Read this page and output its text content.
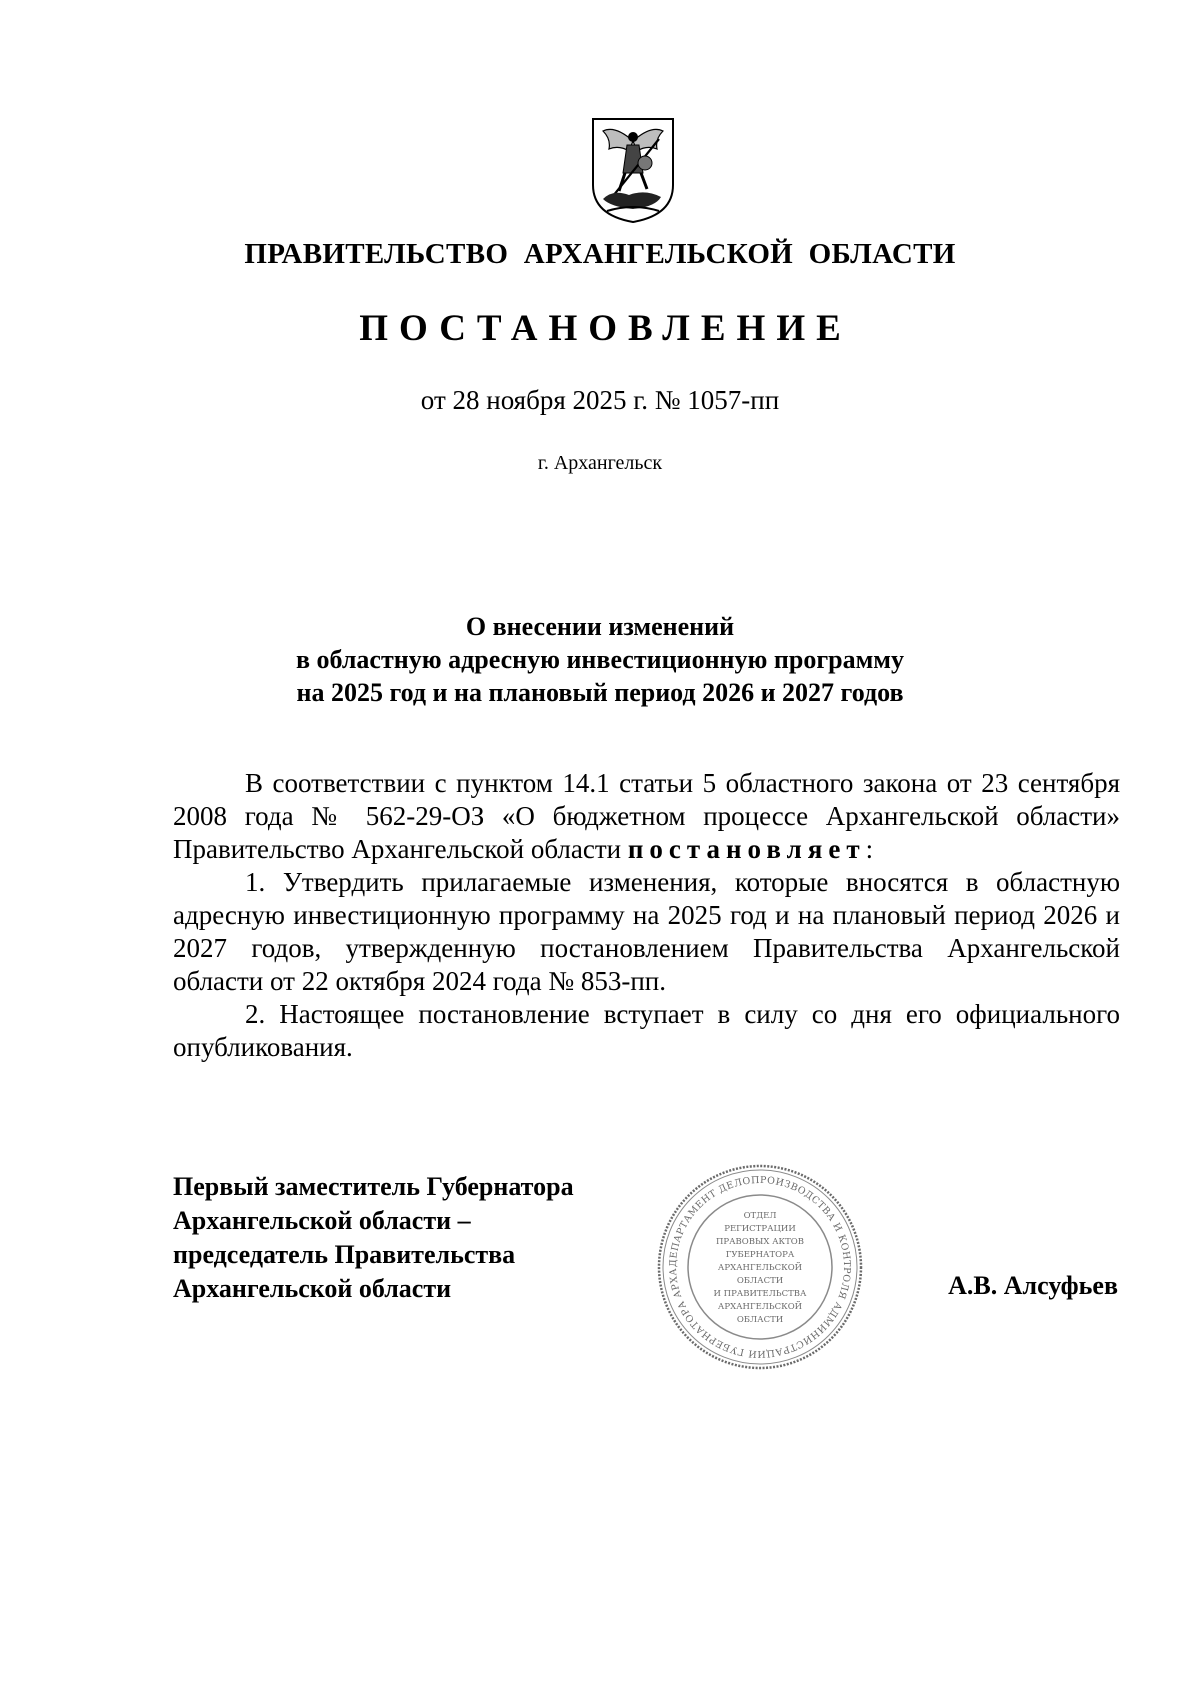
ПРАВИТЕЛЬСТВО АРХАНГЕЛЬСКОЙ ОБЛАСТИ
ПОСТАНОВЛЕНИЕ
от 28 ноября 2025 г. № 1057-пп
г. Архангельск
О внесении изменений
в областную адресную инвестиционную программу
на 2025 год и на плановый период 2026 и 2027 годов

В соответствии с пунктом 14.1 статьи 5 областного закона от 23 сентября 2008 года № 562-29-ОЗ «О бюджетном процессе Архангельской области» Правительство Архангельской области постановляет:

1. Утвердить прилагаемые изменения, которые вносятся в областную адресную инвестиционную программу на 2025 год и на плановый период 2026 и 2027 годов, утвержденную постановлением Правительства Архангельской области от 22 октября 2024 года № 853-пп.

2. Настоящее постановление вступает в силу со дня его официального опубликования.

Первый заместитель Губернатора
Архангельской области –
председатель Правительства
Архангельской области
ДЕПАРТАМЕНТ ДЕЛОПРОИЗВОДСТВА И КОНТРОЛЯ АДМИНИСТРАЦИИ ГУБЕРНАТОРА АРХА
ОТДЕЛ
РЕГИСТРАЦИИ
ПРАВОВЫХ АКТОВ
ГУБЕРНАТОРА
АРХАНГЕЛЬСКОЙ
ОБЛАСТИ
И ПРАВИТЕЛЬСТВА
АРХАНГЕЛЬСКОЙ
ОБЛАСТИ
А.В. Алсуфьев
